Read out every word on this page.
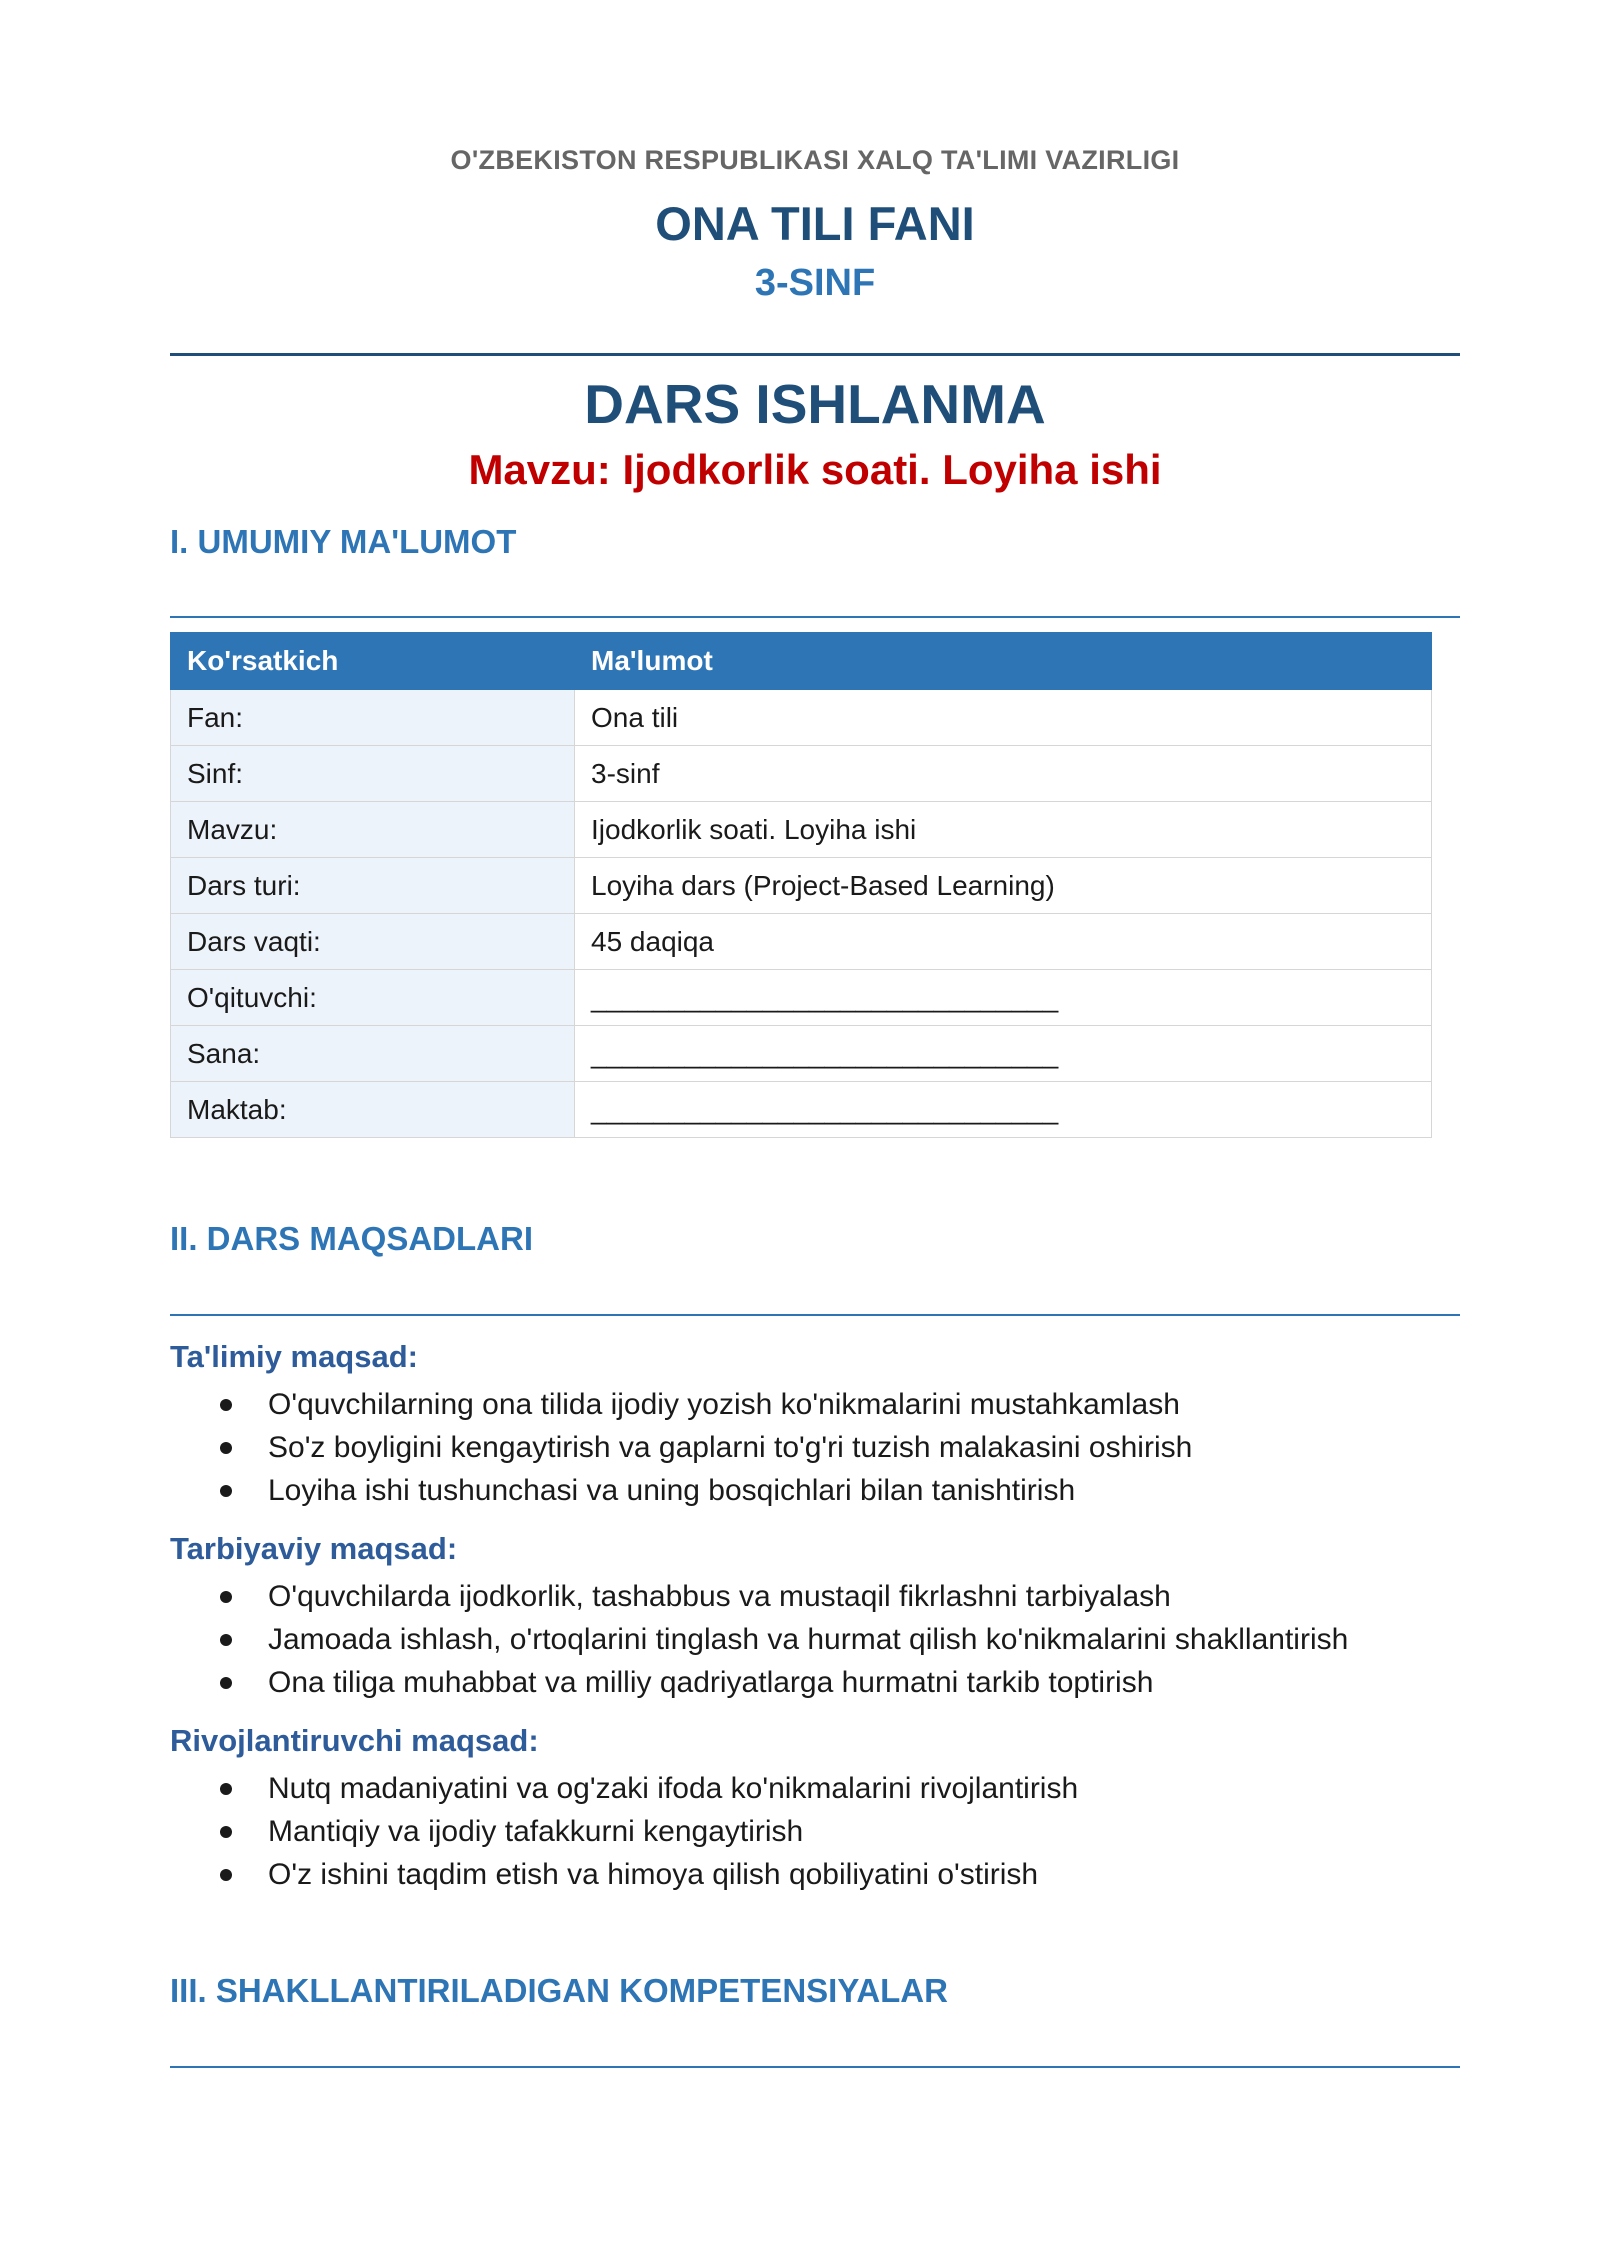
O'ZBEKISTON RESPUBLIKASI XALQ TA'LIMI VAZIRLIGI
ONA TILI FANI
3-SINF
DARS ISHLANMA
Mavzu: Ijodkorlik soati. Loyiha ishi
I. UMUMIY MA'LUMOT
Ko'rsatkich	Ma'lumot
Fan:	Ona tili
Sinf:	3-sinf
Mavzu:	Ijodkorlik soati. Loyiha ishi
Dars turi:	Loyiha dars (Project-Based Learning)
Dars vaqti:	45 daqiqa
O'qituvchi:	______________________________
Sana:	______________________________
Maktab:	______________________________
II. DARS MAQSADLARI
Ta'limiy maqsad:
O'quvchilarning ona tilida ijodiy yozish ko'nikmalarini mustahkamlash
So'z boyligini kengaytirish va gaplarni to'g'ri tuzish malakasini oshirish
Loyiha ishi tushunchasi va uning bosqichlari bilan tanishtirish
Tarbiyaviy maqsad:
O'quvchilarda ijodkorlik, tashabbus va mustaqil fikrlashni tarbiyalash
Jamoada ishlash, o'rtoqlarini tinglash va hurmat qilish ko'nikmalarini shakllantirish
Ona tiliga muhabbat va milliy qadriyatlarga hurmatni tarkib toptirish
Rivojlantiruvchi maqsad:
Nutq madaniyatini va og'zaki ifoda ko'nikmalarini rivojlantirish
Mantiqiy va ijodiy tafakkurni kengaytirish
O'z ishini taqdim etish va himoya qilish qobiliyatini o'stirish
III. SHAKLLANTIRILADIGAN KOMPETENSIYALAR
